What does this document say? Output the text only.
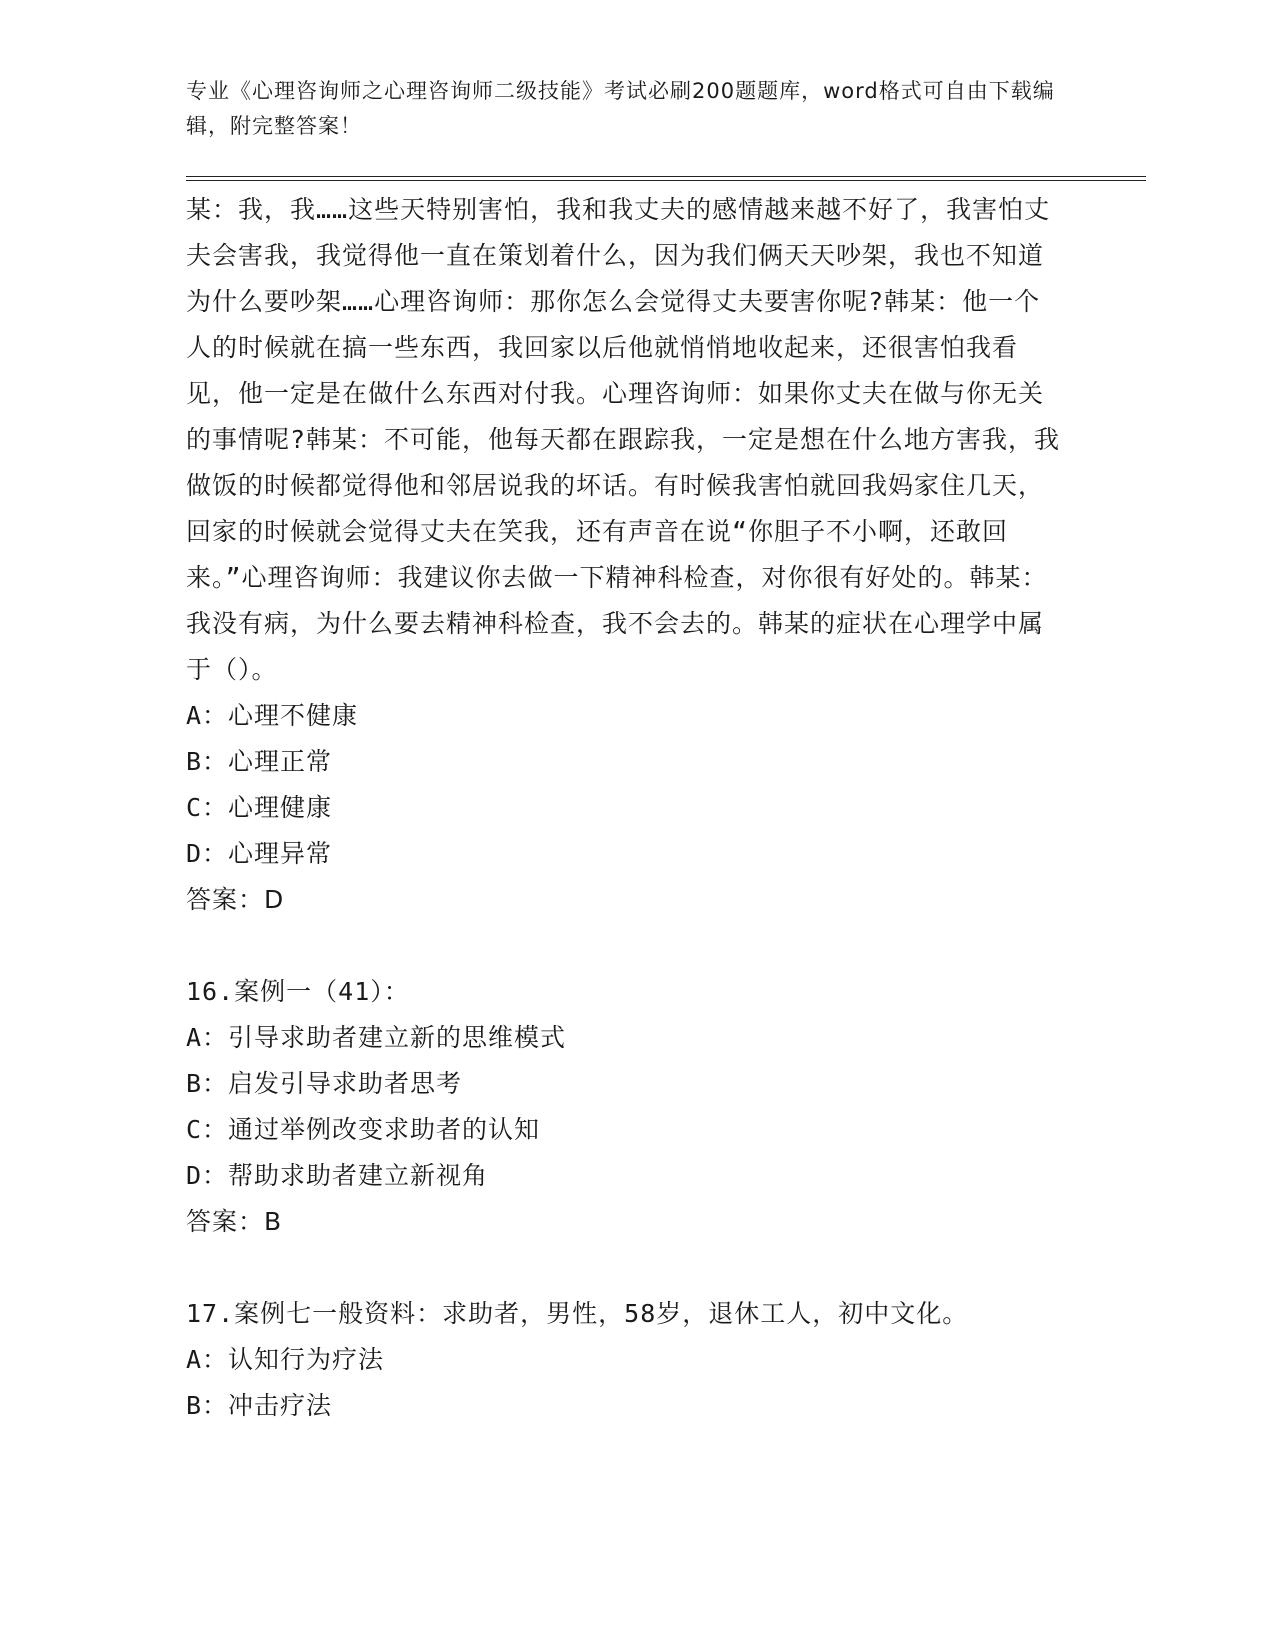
专业《心理咨询师之心理咨询师二级技能》考试必刷200题题库，word格式可自由下载编辑，附完整答案！

某：我，我……这些天特别害怕，我和我丈夫的感情越来越不好了，我害怕丈夫会害我，我觉得他一直在策划着什么，因为我们俩天天吵架，我也不知道为什么要吵架……心理咨询师：那你怎么会觉得丈夫要害你呢?韩某：他一个人的时候就在搞一些东西，我回家以后他就悄悄地收起来，还很害怕我看见，他一定是在做什么东西对付我。心理咨询师：如果你丈夫在做与你无关的事情呢?韩某：不可能，他每天都在跟踪我，一定是想在什么地方害我，我做饭的时候都觉得他和邻居说我的坏话。有时候我害怕就回我妈家住几天，回家的时候就会觉得丈夫在笑我，还有声音在说“你胆子不小啊，还敢回来。”心理咨询师：我建议你去做一下精神科检查，对你很有好处的。韩某：我没有病，为什么要去精神科检查，我不会去的。韩某的症状在心理学中属于（）。

A：心理不健康

B：心理正常

C：心理健康

D：心理异常

答案：D

16.案例一（41）：

A：引导求助者建立新的思维模式

B：启发引导求助者思考

C：通过举例改变求助者的认知

D：帮助求助者建立新视角

答案：B

17.案例七一般资料：求助者，男性，58岁，退休工人，初中文化。

A：认知行为疗法

B：冲击疗法
